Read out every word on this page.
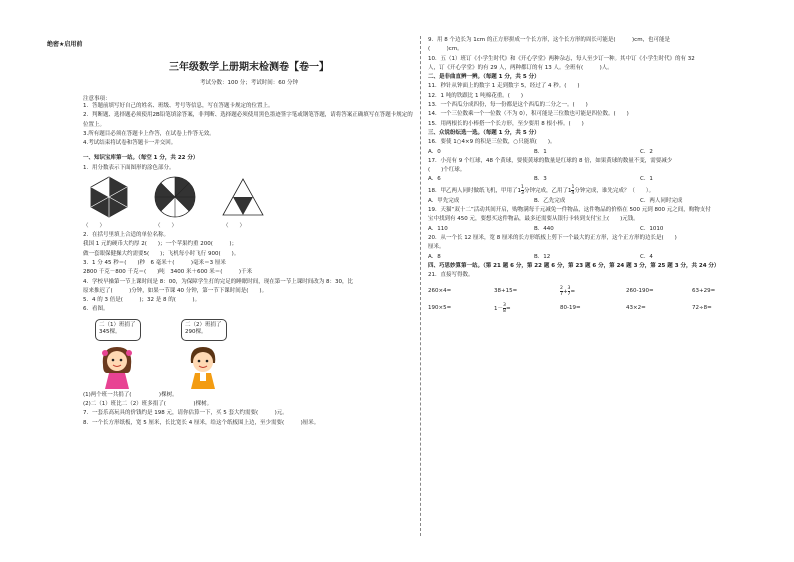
绝密★启用前
三年级数学上册期末检测卷【卷一】
考试分数：100 分；考试时间：60 分钟
注意事项：
1．答题前填写好自己的姓名、班级、考号等信息，写在答题卡规定的位置上。
2．判断题、选择题必须使用2B铅笔填涂答案，非判断、选择题必须使用黑色墨迹签字笔或钢笔答题，请将答案正确填写在答题卡规定的位置上。
3.所有题目必须在答题卡上作答，在试卷上作答无效。
4.考试结束将试卷和答题卡一并交回。
一、知识宝库第一站。（每空 1 分，共 22 分）
1．用分数表示下面图形的涂色部分。
（　　）	（　　）	（　　）
2．在括号里填上合适的单位名称。
我国 1 元的硬币大约厚 2(　　)；一个苹果约重 200(　　　)；
做一套眼保健操大约需要5(　　)；飞机每小时飞行 900(　　)。
3．1 分 45 秒＝(　　)秒　6 毫米＋(　　　)毫米＝3 厘米
2800 千克－800 千克＝(　　)吨　3400 米＋600 米＝(　　　)千米
4．学校早操第一节上课时间是 8：00，为保障学生打的完足的睡眠时间，现在第一节上课时间改为 8：30，比
原来推迟了(　　　)分钟，如果一节课 40 分钟，第一节下课时间是(　　)。
5．4 的 3 倍是(　　　)；32 是 8 的(　　　)。
6．看图。
二（1）班捐了345棵。
二（2）班捐了290棵。
(1)两个班一共捐了(　　　　　)棵树。
(2)二（1）班比二（2）班多捐了(　　　　　)棵树。
7．一套乐高玩具的价钱约是 198 元，请你估算一下，买 5 套大约需要(　　　)元。
8．一个长方形纸板，宽 5 厘米，长比宽长 4 厘米，给这个纸板围上边，至少需要(　　　)厘米。
9．用 8 个边长为 1cm 的正方形拼成一个长方形，这个长方形的周长可能是(　　　)cm，也可能是
(　　　)cm。
10．五（1）班订《小学生时代》和《开心学堂》两种杂志，每人至少订一种。其中订《小学生时代》的有 32
人，订《开心学堂》的有 29 人，两种都订的有 13 人。全班有(　　　)人。
二、是非曲直辨一辨。（每题 1 分，共 5 分）
11．秒针从钟面上的数字 1 走到数字 5，经过了 4 秒。(　　)
12．1 吨的铁跟比 1 吨棉花重。(　　)
13．一个西瓜分成四份，每一份都是这个西瓜的二分之一。(　　)
14．一个三位数乘一个一位数（不为 0），积可能是三位数也可能是四位数。(　　)
15．用两根长的小棒搭一个长方形，至少要用 8 根小棒。(　　)
三、众说纷纭选一选。（每题 1 分，共 5 分）
16．要使 1○4×9 的积是三位数，○只能填(　　)。
A．0	B．1	C．2
17．小亮有 9 个红球，48 个黄球，要使黄球的数量是红球的 8 倍，如果黄球的数量不变，需要减少
(　　)个红球。
A．6	B．3	C．1
18．甲乙两人同时做纸飞机，甲用了$1 \frac{1}{3}$ 分钟完成，乙用了$1 \frac{1}{4}$ 分钟完成，谁先完成？（　　）。
A．甲先完成	B．乙先完成	C．两人同时完成
19．天猫“双十二”活动其间开启，购物满每千元减免一件物品，这件物品的价格在 500 元到 800 元之间，购物支付
宝中找到有 450 元，要想买这件物品，最多还需要从银行卡转到支付宝上(　　)元钱。
A．110	B．440	C．1010
20．从一个长 12 厘米，宽 8 厘米的长方形纸板上剪下一个最大的正方形，这个正方形的边长是(　　)
厘米。
A．8	B．12	C．4
四、巧思妙算第一站。（第 21 题 6 分，第 22 题 6 分，第 23 题 6 分，第 24 题 3 分，第 25 题 3 分，共 24 分）
21．直接写得数。
260×4=	38+15=	$\frac{2}{7} + \frac{3}{7}$ =	260-190=	63+29=
190×5=	$1- \frac{3}{8}$ =	80-19=	43×2=	72÷8=
